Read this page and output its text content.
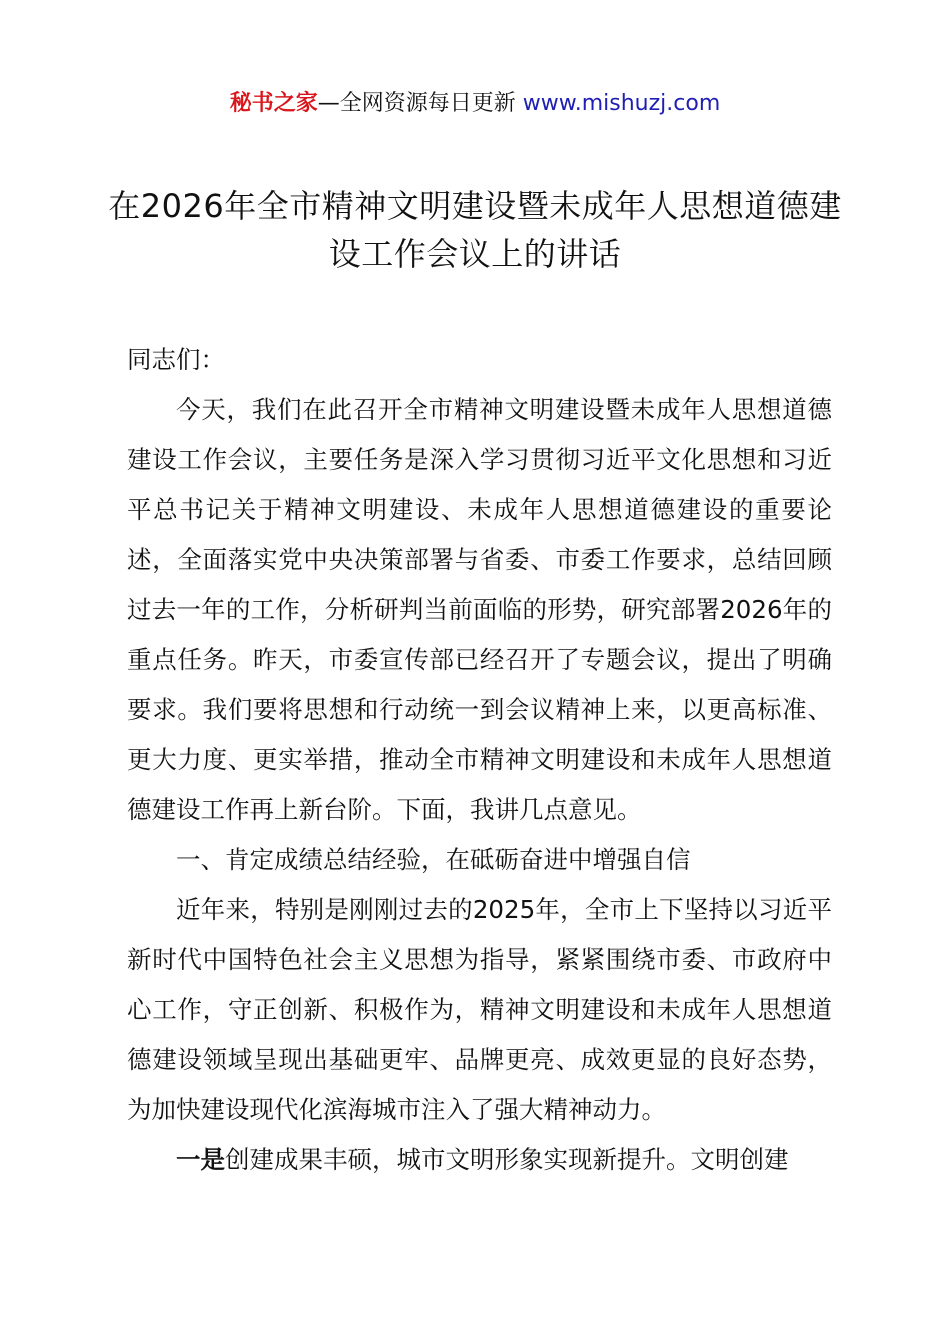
秘书之家—全网资源每日更新 www.mishuzj.com
在2026年全市精神文明建设暨未成年人思想道德建设工作会议上的讲话

同志们：

今天，我们在此召开全市精神文明建设暨未成年人思想道德建设工作会议，主要任务是深入学习贯彻习近平文化思想和习近平总书记关于精神文明建设、未成年人思想道德建设的重要论述，全面落实党中央决策部署与省委、市委工作要求，总结回顾过去一年的工作，分析研判当前面临的形势，研究部署2026年的重点任务。昨天，市委宣传部已经召开了专题会议，提出了明确要求。我们要将思想和行动统一到会议精神上来，以更高标准、更大力度、更实举措，推动全市精神文明建设和未成年人思想道德建设工作再上新台阶。下面，我讲几点意见。

一、肯定成绩总结经验，在砥砺奋进中增强自信

近年来，特别是刚刚过去的2025年，全市上下坚持以习近平新时代中国特色社会主义思想为指导，紧紧围绕市委、市政府中心工作，守正创新、积极作为，精神文明建设和未成年人思想道德建设领域呈现出基础更牢、品牌更亮、成效更显的良好态势，为加快建设现代化滨海城市注入了强大精神动力。

一是创建成果丰硕，城市文明形象实现新提升。文明创建
